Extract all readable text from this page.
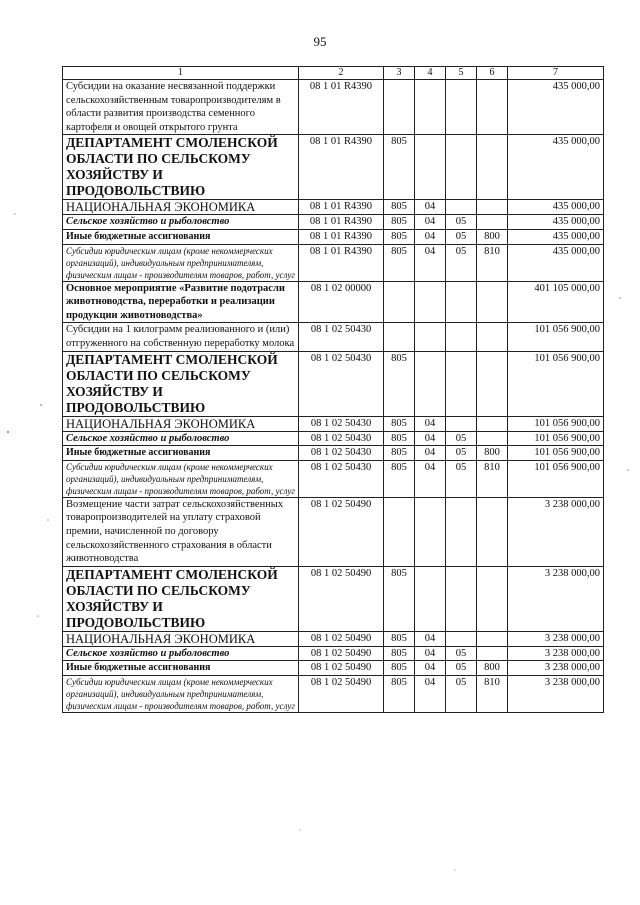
95
1	2	3	4	5	6	7
Субсидии на оказание несвязанной поддержки сельскохозяйственным товаропроизводителям в области развития производства семенного картофеля и овощей открытого грунта	08 1 01 R4390					435 000,00
ДЕПАРТАМЕНТ СМОЛЕНСКОЙ ОБЛАСТИ ПО СЕЛЬСКОМУ ХОЗЯЙСТВУ И ПРОДОВОЛЬСТВИЮ	08 1 01 R4390	805				435 000,00
НАЦИОНАЛЬНАЯ ЭКОНОМИКА	08 1 01 R4390	805	04			435 000,00
Сельское хозяйство и рыболовство	08 1 01 R4390	805	04	05		435 000,00
Иные бюджетные ассигнования	08 1 01 R4390	805	04	05	800	435 000,00
Субсидии юридическим лицам (кроме некоммерческих организаций), индивидуальным предпринимателям, физическим лицам - производителям товаров, работ, услуг	08 1 01 R4390	805	04	05	810	435 000,00
Основное мероприятие «Развитие подотрасли животноводства, переработки и реализации продукции животноводства»	08 1 02 00000					401 105 000,00
Субсидии на 1 килограмм реализованного и (или) отгруженного на собственную переработку молока	08 1 02 50430					101 056 900,00
ДЕПАРТАМЕНТ СМОЛЕНСКОЙ ОБЛАСТИ ПО СЕЛЬСКОМУ ХОЗЯЙСТВУ И ПРОДОВОЛЬСТВИЮ	08 1 02 50430	805				101 056 900,00
НАЦИОНАЛЬНАЯ ЭКОНОМИКА	08 1 02 50430	805	04			101 056 900,00
Сельское хозяйство и рыболовство	08 1 02 50430	805	04	05		101 056 900,00
Иные бюджетные ассигнования	08 1 02 50430	805	04	05	800	101 056 900,00
Субсидии юридическим лицам (кроме некоммерческих организаций), индивидуальным предпринимателям, физическим лицам - производителям товаров, работ, услуг	08 1 02 50430	805	04	05	810	101 056 900,00
Возмещение части затрат сельскохозяйственных товаропроизводителей на уплату страховой премии, начисленной по договору сельскохозяйственного страхования в области животноводства	08 1 02 50490					3 238 000,00
ДЕПАРТАМЕНТ СМОЛЕНСКОЙ ОБЛАСТИ ПО СЕЛЬСКОМУ ХОЗЯЙСТВУ И ПРОДОВОЛЬСТВИЮ	08 1 02 50490	805				3 238 000,00
НАЦИОНАЛЬНАЯ ЭКОНОМИКА	08 1 02 50490	805	04			3 238 000,00
Сельское хозяйство и рыболовство	08 1 02 50490	805	04	05		3 238 000,00
Иные бюджетные ассигнования	08 1 02 50490	805	04	05	800	3 238 000,00
Субсидии юридическим лицам (кроме некоммерческих организаций), индивидуальным предпринимателям, физическим лицам - производителям товаров, работ, услуг	08 1 02 50490	805	04	05	810	3 238 000,00
